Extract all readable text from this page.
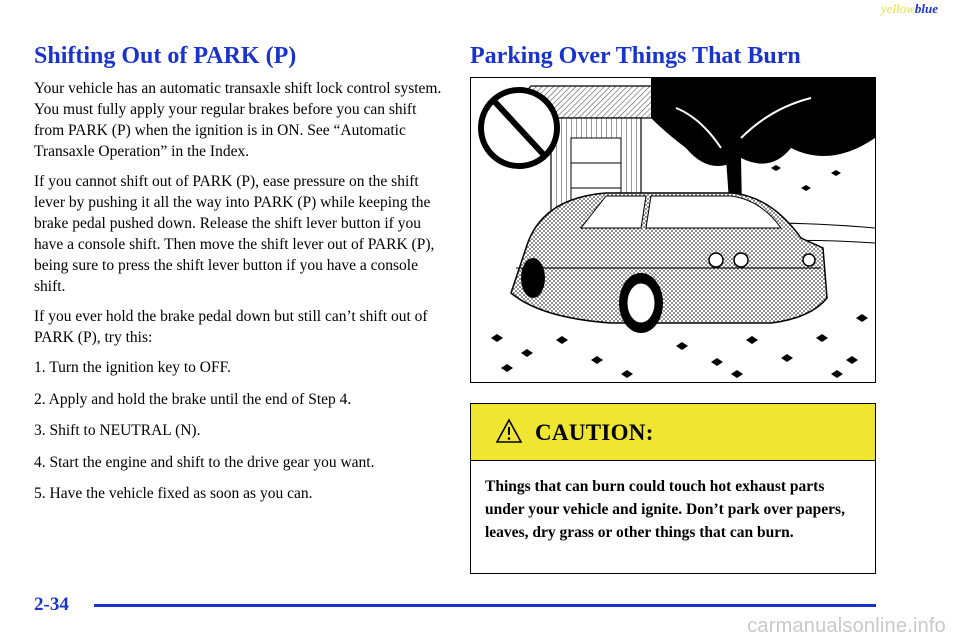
yellowblue
Shifting Out of PARK (P)

Your vehicle has an automatic transaxle shift lock control system. You must fully apply your regular brakes before you can shift from PARK (P) when the ignition is in ON. See “Automatic Transaxle Operation” in the Index.

If you cannot shift out of PARK (P), ease pressure on the shift lever by pushing it all the way into PARK (P) while keeping the brake pedal pushed down. Release the shift lever button if you have a console shift. Then move the shift lever out of PARK (P), being sure to press the shift lever button if you have a console shift.

If you ever hold the brake pedal down but still can’t shift out of PARK (P), try this:

1. Turn the ignition key to OFF.
2. Apply and hold the brake until the end of Step 4.
3. Shift to NEUTRAL (N).
4. Start the engine and shift to the drive gear you want.
5. Have the vehicle fixed as soon as you can.
Parking Over Things That Burn
CAUTION:
Things that can burn could touch hot exhaust parts under your vehicle and ignite. Don’t park over papers, leaves, dry grass or other things that can burn.
2-34
carmanualsonline.info
